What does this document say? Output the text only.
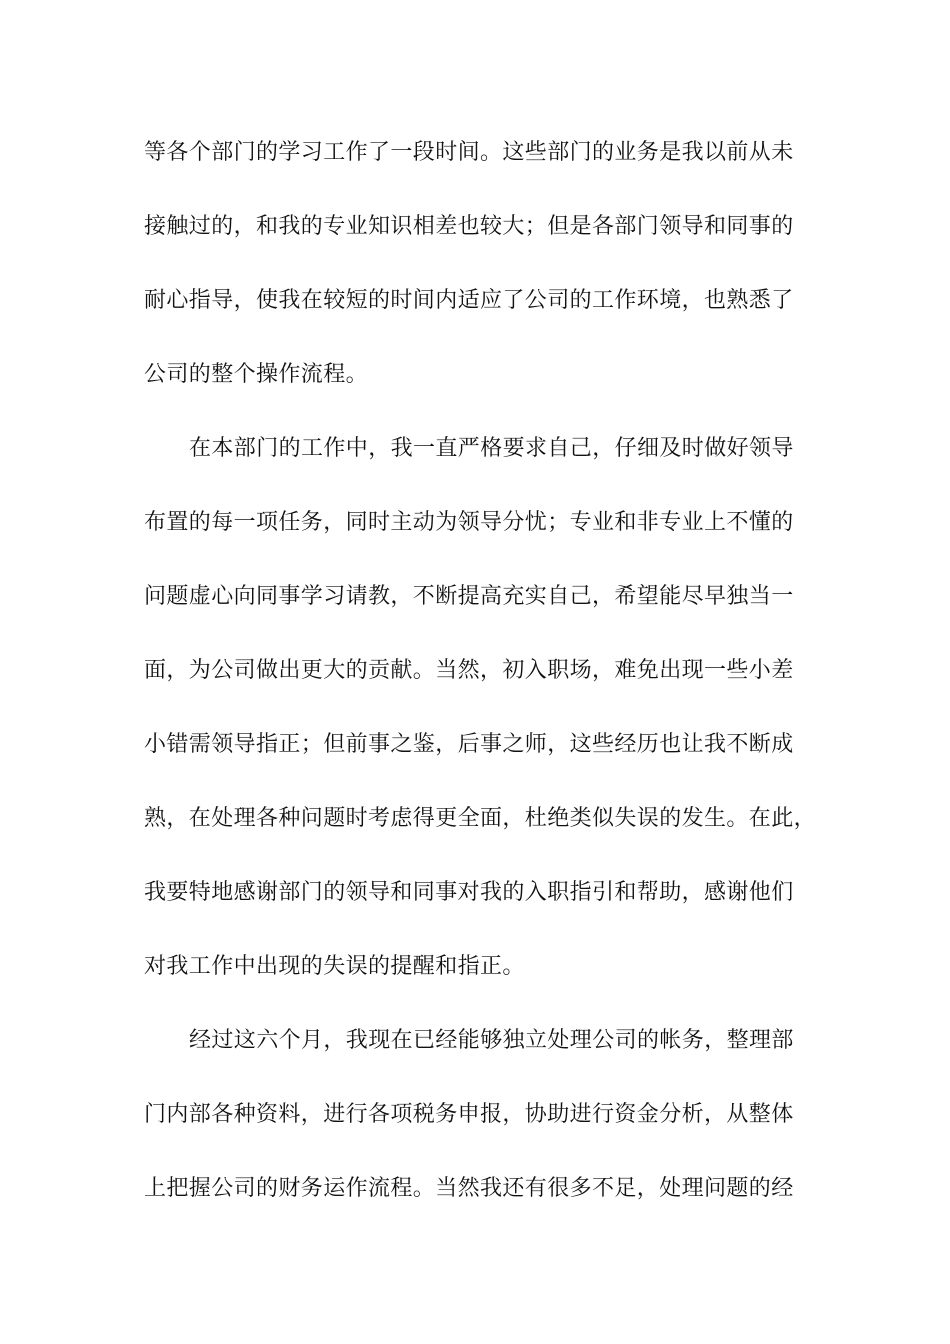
等各个部门的学习工作了一段时间。这些部门的业务是我以前从未
接触过的，和我的专业知识相差也较大；但是各部门领导和同事的
耐心指导，使我在较短的时间内适应了公司的工作环境，也熟悉了
公司的整个操作流程。
在本部门的工作中，我一直严格要求自己，仔细及时做好领导
布置的每一项任务，同时主动为领导分忧；专业和非专业上不懂的
问题虚心向同事学习请教，不断提高充实自己，希望能尽早独当一
面，为公司做出更大的贡献。当然，初入职场，难免出现一些小差
小错需领导指正；但前事之鉴，后事之师，这些经历也让我不断成
熟，在处理各种问题时考虑得更全面，杜绝类似失误的发生。在此，
我要特地感谢部门的领导和同事对我的入职指引和帮助，感谢他们
对我工作中出现的失误的提醒和指正。
经过这六个月，我现在已经能够独立处理公司的帐务，整理部
门内部各种资料，进行各项税务申报，协助进行资金分析，从整体
上把握公司的财务运作流程。当然我还有很多不足，处理问题的经
